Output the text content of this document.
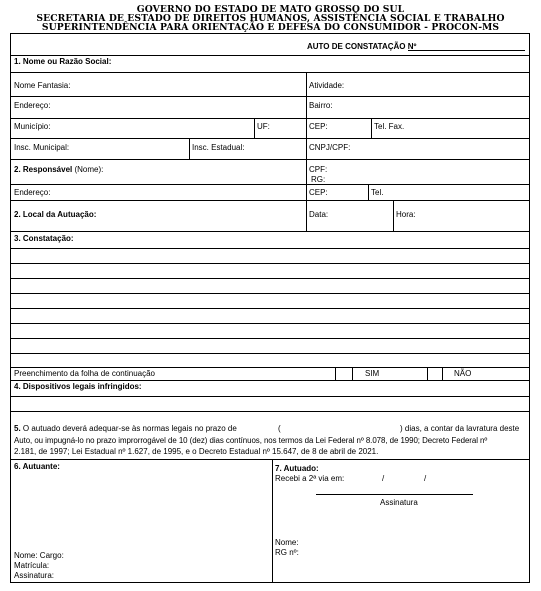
GOVERNO DO ESTADO DE MATO GROSSO DO SUL
SECRETARIA DE ESTADO DE DIREITOS HUMANOS, ASSISTÊNCIA SOCIAL E TRABALHO
SUPERINTENDÊNCIA PARA ORIENTAÇÃO E DEFESA DO CONSUMIDOR - PROCON-MS
AUTO DE CONSTATAÇÃO Nº
1. Nome ou Razão Social:
Nome Fantasia:	Atividade:
Endereço:	Bairro:
Município:	UF:	CEP:	Tel. Fax.
Insc. Municipal:	Insc. Estadual:	CNPJ/CPF:
2. Responsável (Nome):	CPF:
RG:
Endereço:	CEP:	Tel.
2. Local da Autuação:	Data:	Hora:
3. Constatação:
Preenchimento da folha de continuação	SIM	NÃO
4. Dispositivos legais infringidos:
5. O autuado deverá adequar-se às normas legais no prazo de	(	) dias, a contar da lavratura deste
Auto, ou impugná-lo no prazo improrrogável de 10 (dez) dias contínuos, nos termos da Lei Federal nº 8.078, de 1990; Decreto Federal nº
2.181, de 1997; Lei Estadual nº 1.627, de 1995, e o Decreto Estadual nº 15.647, de 8 de abril de 2021.
6. Autuante:
Nome: Cargo:
Matrícula:
Assinatura:
7. Autuado:
Recebi a 2ª via em:	/	/
Assinatura
Nome:
RG nº:
